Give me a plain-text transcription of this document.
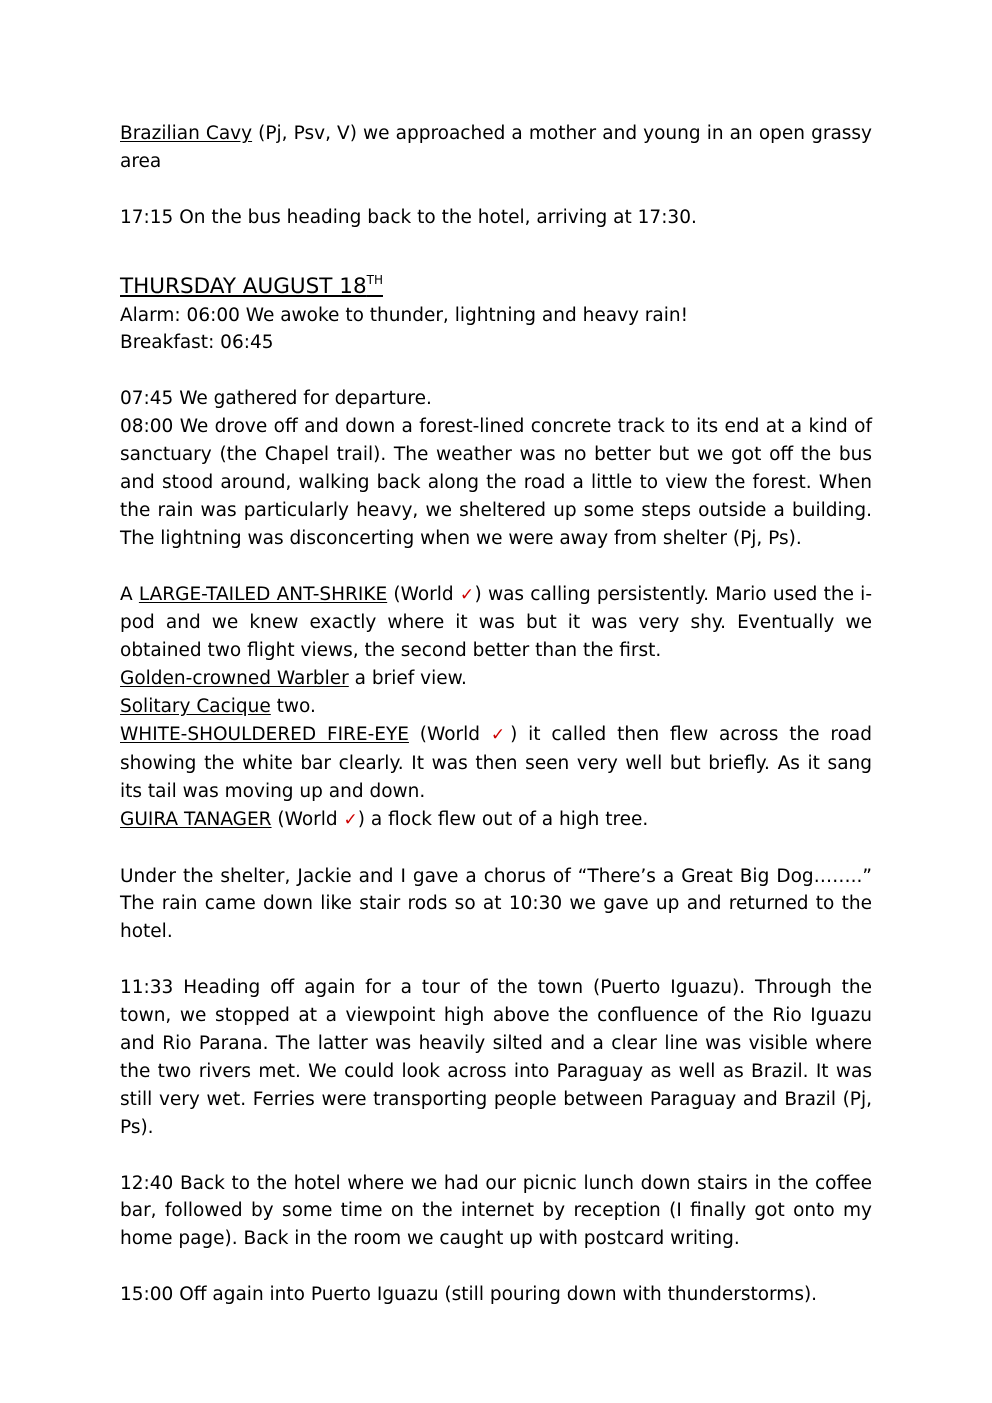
Brazilian Cavy (Pj, Psv, V) we approached a mother and young in an open grassy area

17:15 On the bus heading back to the hotel, arriving at 17:30.

THURSDAY AUGUST 18TH

Alarm: 06:00 We awoke to thunder, lightning and heavy rain!

Breakfast: 06:45

07:45 We gathered for departure.

08:00 We drove off and down a forest-lined concrete track to its end at a kind of sanctuary (the Chapel trail). The weather was no better but we got off the bus and stood around, walking back along the road a little to view the forest. When the rain was particularly heavy, we sheltered up some steps outside a building. The lightning was disconcerting when we were away from shelter (Pj, Ps).

A LARGE-TAILED ANT-SHRIKE (World ✓) was calling persistently. Mario used the i-pod and we knew exactly where it was but it was very shy. Eventually we obtained two flight views, the second better than the first.

Golden-crowned Warbler a brief view.

Solitary Cacique two.

WHITE-SHOULDERED FIRE-EYE (World ✓) it called then flew across the road showing the white bar clearly. It was then seen very well but briefly. As it sang its tail was moving up and down.

GUIRA TANAGER (World ✓) a flock flew out of a high tree.

Under the shelter, Jackie and I gave a chorus of “There’s a Great Big Dog……..” The rain came down like stair rods so at 10:30 we gave up and returned to the hotel.

11:33 Heading off again for a tour of the town (Puerto Iguazu). Through the town, we stopped at a viewpoint high above the confluence of the Rio Iguazu and Rio Parana. The latter was heavily silted and a clear line was visible where the two rivers met. We could look across into Paraguay as well as Brazil. It was still very wet. Ferries were transporting people between Paraguay and Brazil (Pj, Ps).

12:40 Back to the hotel where we had our picnic lunch down stairs in the coffee bar, followed by some time on the internet by reception (I finally got onto my home page). Back in the room we caught up with postcard writing.

15:00 Off again into Puerto Iguazu (still pouring down with thunderstorms).
